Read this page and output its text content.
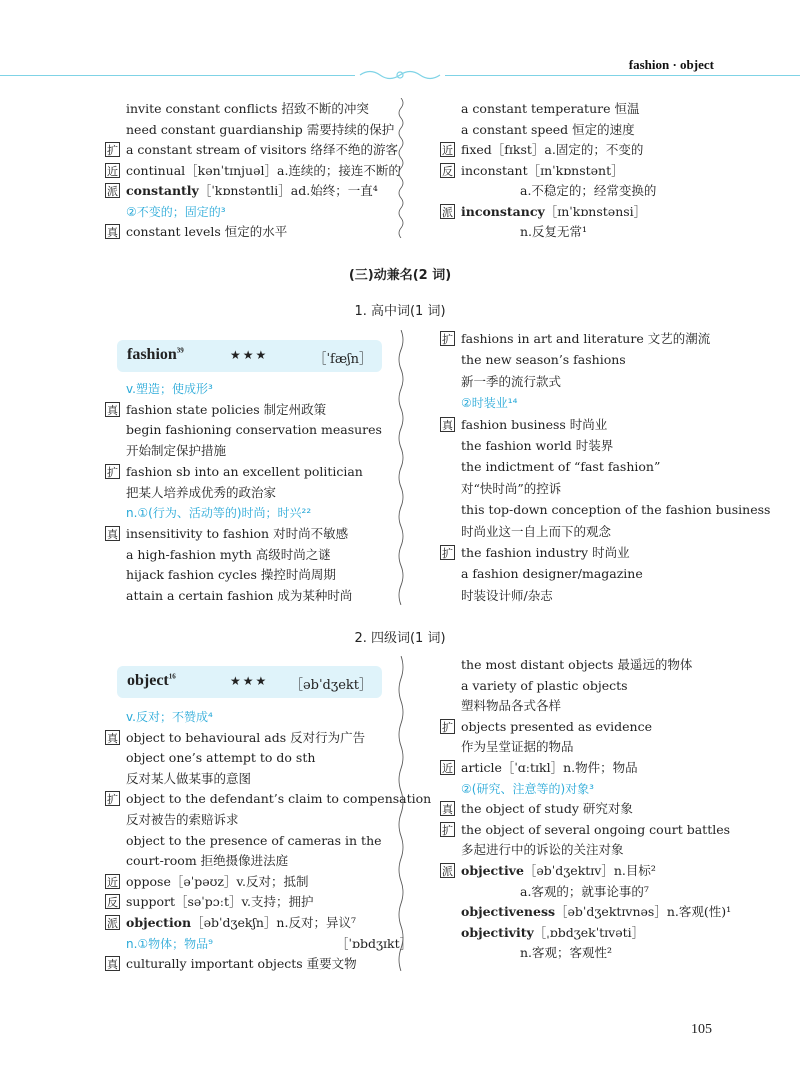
fashion · object
invite constant conflicts 招致不断的冲突
need constant guardianship 需要持续的保护
扩 a constant stream of visitors 络绎不绝的游客
近 continual［kənˈtɪnjuəl］a.连续的；接连不断的
派 constantly［ˈkɒnstəntli］ad.始终；一直⁴
②不变的；固定的³
真 constant levels 恒定的水平
a constant temperature 恒温
a constant speed 恒定的速度
近 fixed［fɪkst］a.固定的；不变的
反 inconstant［ɪnˈkɒnstənt］
a.不稳定的；经常变换的
派 inconstancy［ɪnˈkɒnstənsi］
n.反复无常¹
(三)动兼名(2 词)
1. 高中词(1 词)
fashion$^{39}$	★★★	［ˈfæʃn］
v.塑造；使成形³
真 fashion state policies 制定州政策
begin fashioning conservation measures
开始制定保护措施
扩 fashion sb into an excellent politician
把某人培养成优秀的政治家
n.①(行为、活动等的)时尚；时兴²²
真 insensitivity to fashion 对时尚不敏感
a high-fashion myth 高级时尚之谜
hijack fashion cycles 操控时尚周期
attain a certain fashion 成为某种时尚
扩 fashions in art and literature 文艺的潮流
the new season’s fashions
新一季的流行款式
②时装业¹⁴
真 fashion business 时尚业
the fashion world 时装界
the indictment of “fast fashion”
对“快时尚”的控诉
this top-down conception of the fashion business
时尚业这一自上而下的观念
扩 the fashion industry 时尚业
a fashion designer/magazine
时装设计师/杂志
2. 四级词(1 词)
object$^{16}$	★★★ ［əbˈdʒekt］
v.反对；不赞成⁴
真 object to behavioural ads 反对行为广告
object one’s attempt to do sth
反对某人做某事的意图
扩 object to the defendant’s claim to compensation
反对被告的索赔诉求
object to the presence of cameras in the
court-room 拒绝摄像进法庭
近 oppose［əˈpəʊz］v.反对；抵制
反 support［səˈpɔːt］v.支持；拥护
派 objection［əbˈdʒekʃn］n.反对；异议⁷
n.①物体；物品⁹	［ˈɒbdʒɪkt］
真 culturally important objects 重要文物
the most distant objects 最遥远的物体
a variety of plastic objects
塑料物品各式各样
扩 objects presented as evidence
作为呈堂证据的物品
近 article［ˈɑːtɪkl］n.物件；物品
②(研究、注意等的)对象³
真 the object of study 研究对象
扩 the object of several ongoing court battles
多起进行中的诉讼的关注对象
派 objective［əbˈdʒektɪv］n.目标²
a.客观的；就事论事的⁷
objectiveness［əbˈdʒektɪvnəs］n.客观(性)¹
objectivity［ˌɒbdʒekˈtɪvəti］
n.客观；客观性²
105
